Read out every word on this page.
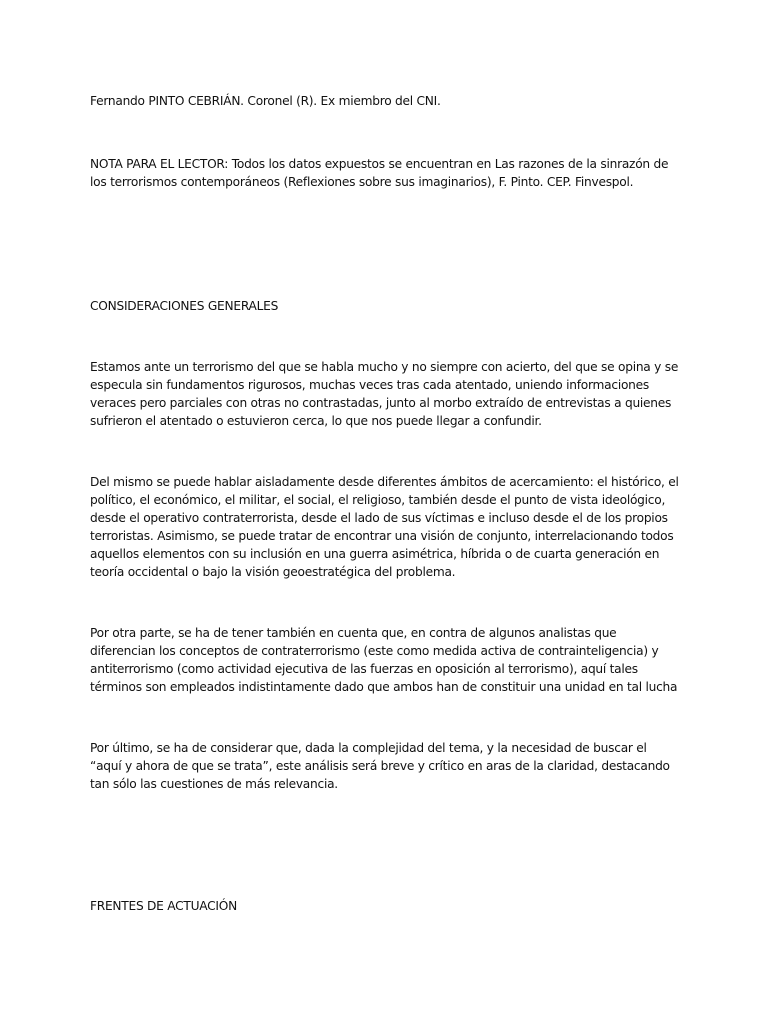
Fernando PINTO CEBRIÁN. Coronel (R). Ex miembro del CNI.

NOTA PARA EL LECTOR: Todos los datos expuestos se encuentran en Las razones de la sinrazón de los terrorismos contemporáneos (Reflexiones sobre sus imaginarios), F. Pinto. CEP. Finvespol.

CONSIDERACIONES GENERALES

Estamos ante un terrorismo del que se habla mucho y no siempre con acierto, del que se opina y se especula sin fundamentos rigurosos, muchas veces tras cada atentado, uniendo informaciones veraces pero parciales con otras no contrastadas, junto al morbo extraído de entrevistas a quienes sufrieron el atentado o estuvieron cerca, lo que nos puede llegar a confundir.

Del mismo se puede hablar aisladamente desde diferentes ámbitos de acercamiento: el histórico, el político, el económico, el militar, el social, el religioso, también desde el punto de vista ideológico, desde el operativo contraterrorista, desde el lado de sus víctimas e incluso desde el de los propios terroristas. Asimismo, se puede tratar de encontrar una visión de conjunto, interrelacionando todos aquellos elementos con su inclusión en una guerra asimétrica, híbrida o de cuarta generación en teoría occidental o bajo la visión geoestratégica del problema.

Por otra parte, se ha de tener también en cuenta que, en contra de algunos analistas que diferencian los conceptos de contraterrorismo (este como medida activa de contrainteligencia) y antiterrorismo (como actividad ejecutiva de las fuerzas en oposición al terrorismo), aquí tales términos son empleados indistintamente dado que ambos han de constituir una unidad en tal lucha

Por último, se ha de considerar que, dada la complejidad del tema, y la necesidad de buscar el “aquí y ahora de que se trata”, este análisis será breve y crítico en aras de la claridad, destacando tan sólo las cuestiones de más relevancia.

FRENTES DE ACTUACIÓN
